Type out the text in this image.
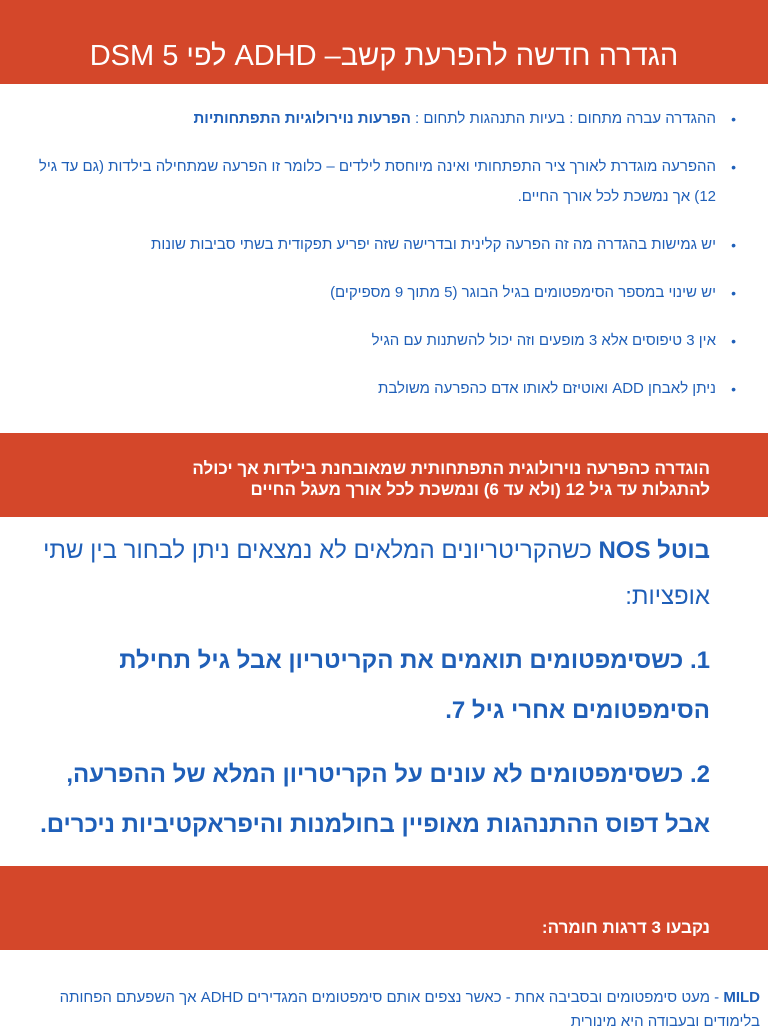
הגדרה חדשה להפרעת קשב– ADHD לפי DSM 5
• ההגדרה עברה מתחום : בעיות התנהגות לתחום : הפרעות נוירולוגיות התפתחותיות
• ההפרעה מוגדרת לאורך ציר התפתחותי ואינה מיוחסת לילדים – כלומר זו הפרעה שמתחילה בילדות (גם עד גיל 12) אך נמשכת לכל אורך החיים.
• יש גמישות בהגדרה מה זה הפרעה קלינית ובדרישה שזה יפריע תפקודית בשתי סביבות שונות
• יש שינוי במספר הסימפטומים בגיל הבוגר (5 מתוך 9 מספיקים)
• אין 3 טיפוסים אלא 3 מופעים וזה יכול להשתנות עם הגיל
• ניתן לאבחן ADD ואוטיזם לאותו אדם כהפרעה משולבת
הוגדרה כהפרעה נוירולוגית התפתחותית שמאובחנת בילדות אך יכולה
להתגלות עד גיל 12 (ולא עד 6) ונמשכת לכל אורך מעגל החיים

בוטל NOS כשהקריטריונים המלאים לא נמצאים ניתן לבחור בין שתי אופציות:

1. כשסימפטומים תואמים את הקריטריון אבל גיל תחילת הסימפטומים אחרי גיל 7.

2. כשסימפטומים לא עונים על הקריטריון המלא של ההפרעה, אבל דפוס ההתנהגות מאופיין בחולמנות והיפראקטיביות ניכרים.

נקבעו 3 דרגות חומרה:
MILD - מעט סימפטומים ובסביבה אחת - כאשר נצפים אותם סימפטומים המגדירים ADHD אך השפעתם הפחותה בלימודים ובעבודה היא מינורית
